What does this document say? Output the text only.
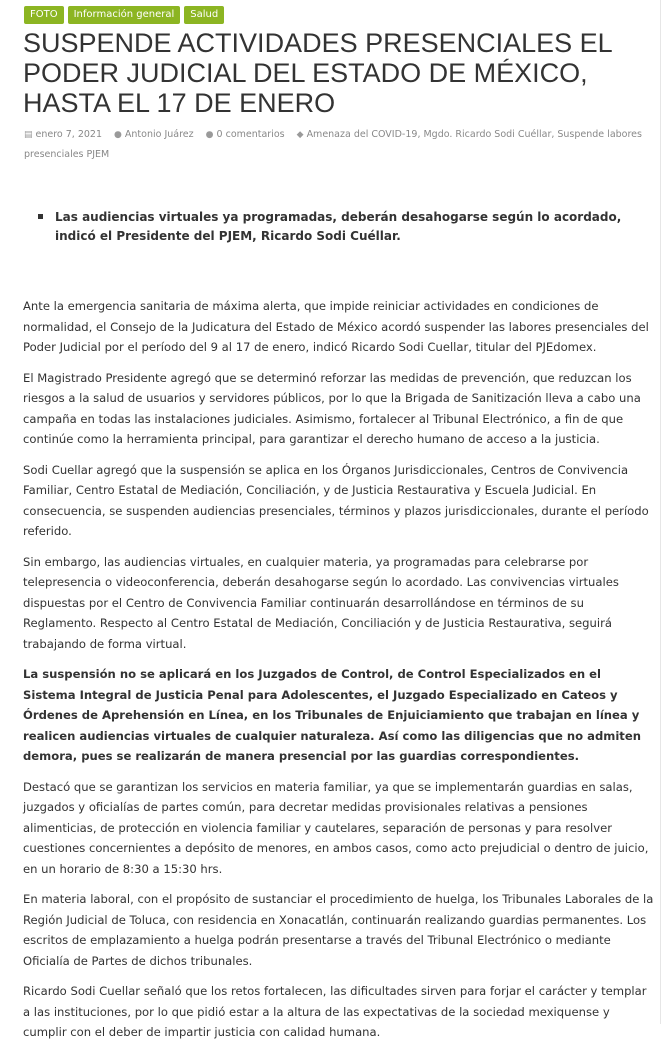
FOTO	Información general	Salud
SUSPENDE ACTIVIDADES PRESENCIALES EL PODER JUDICIAL DEL ESTADO DE MÉXICO, HASTA EL 17 DE ENERO
▤ enero 7, 2021 ● Antonio Juárez ● 0 comentarios ◆ Amenaza del COVID-19, Mgdo. Ricardo Sodi Cuéllar, Suspende labores presenciales PJEM
Las audiencias virtuales ya programadas, deberán desahogarse según lo acordado, indicó el Presidente del PJEM, Ricardo Sodi Cuéllar.

Ante la emergencia sanitaria de máxima alerta, que impide reiniciar actividades en condiciones de normalidad, el Consejo de la Judicatura del Estado de México acordó suspender las labores presenciales del Poder Judicial por el período del 9 al 17 de enero, indicó Ricardo Sodi Cuellar, titular del PJEdomex.

El Magistrado Presidente agregó que se determinó reforzar las medidas de prevención, que reduzcan los riesgos a la salud de usuarios y servidores públicos, por lo que la Brigada de Sanitización lleva a cabo una campaña en todas las instalaciones judiciales. Asimismo, fortalecer al Tribunal Electrónico, a fin de que continúe como la herramienta principal, para garantizar el derecho humano de acceso a la justicia.

Sodi Cuellar agregó que la suspensión se aplica en los Órganos Jurisdiccionales, Centros de Convivencia Familiar, Centro Estatal de Mediación, Conciliación, y de Justicia Restaurativa y Escuela Judicial. En consecuencia, se suspenden audiencias presenciales, términos y plazos jurisdiccionales, durante el período referido.

Sin embargo, las audiencias virtuales, en cualquier materia, ya programadas para celebrarse por telepresencia o videoconferencia, deberán desahogarse según lo acordado. Las convivencias virtuales dispuestas por el Centro de Convivencia Familiar continuarán desarrollándose en términos de su Reglamento. Respecto al Centro Estatal de Mediación, Conciliación y de Justicia Restaurativa, seguirá trabajando de forma virtual.

La suspensión no se aplicará en los Juzgados de Control, de Control Especializados en el Sistema Integral de Justicia Penal para Adolescentes, el Juzgado Especializado en Cateos y Órdenes de Aprehensión en Línea, en los Tribunales de Enjuiciamiento que trabajan en línea y realicen audiencias virtuales de cualquier naturaleza. Así como las diligencias que no admiten demora, pues se realizarán de manera presencial por las guardias correspondientes.

Destacó que se garantizan los servicios en materia familiar, ya que se implementarán guardias en salas, juzgados y oficialías de partes común, para decretar medidas provisionales relativas a pensiones alimenticias, de protección en violencia familiar y cautelares, separación de personas y para resolver cuestiones concernientes a depósito de menores, en ambos casos, como acto prejudicial o dentro de juicio, en un horario de 8:30 a 15:30 hrs.

En materia laboral, con el propósito de sustanciar el procedimiento de huelga, los Tribunales Laborales de la Región Judicial de Toluca, con residencia en Xonacatlán, continuarán realizando guardias permanentes. Los escritos de emplazamiento a huelga podrán presentarse a través del Tribunal Electrónico o mediante Oficialía de Partes de dichos tribunales.

Ricardo Sodi Cuellar señaló que los retos fortalecen, las dificultades sirven para forjar el carácter y templar a las instituciones, por lo que pidió estar a la altura de las expectativas de la sociedad mexiquense y cumplir con el deber de impartir justicia con calidad humana.
